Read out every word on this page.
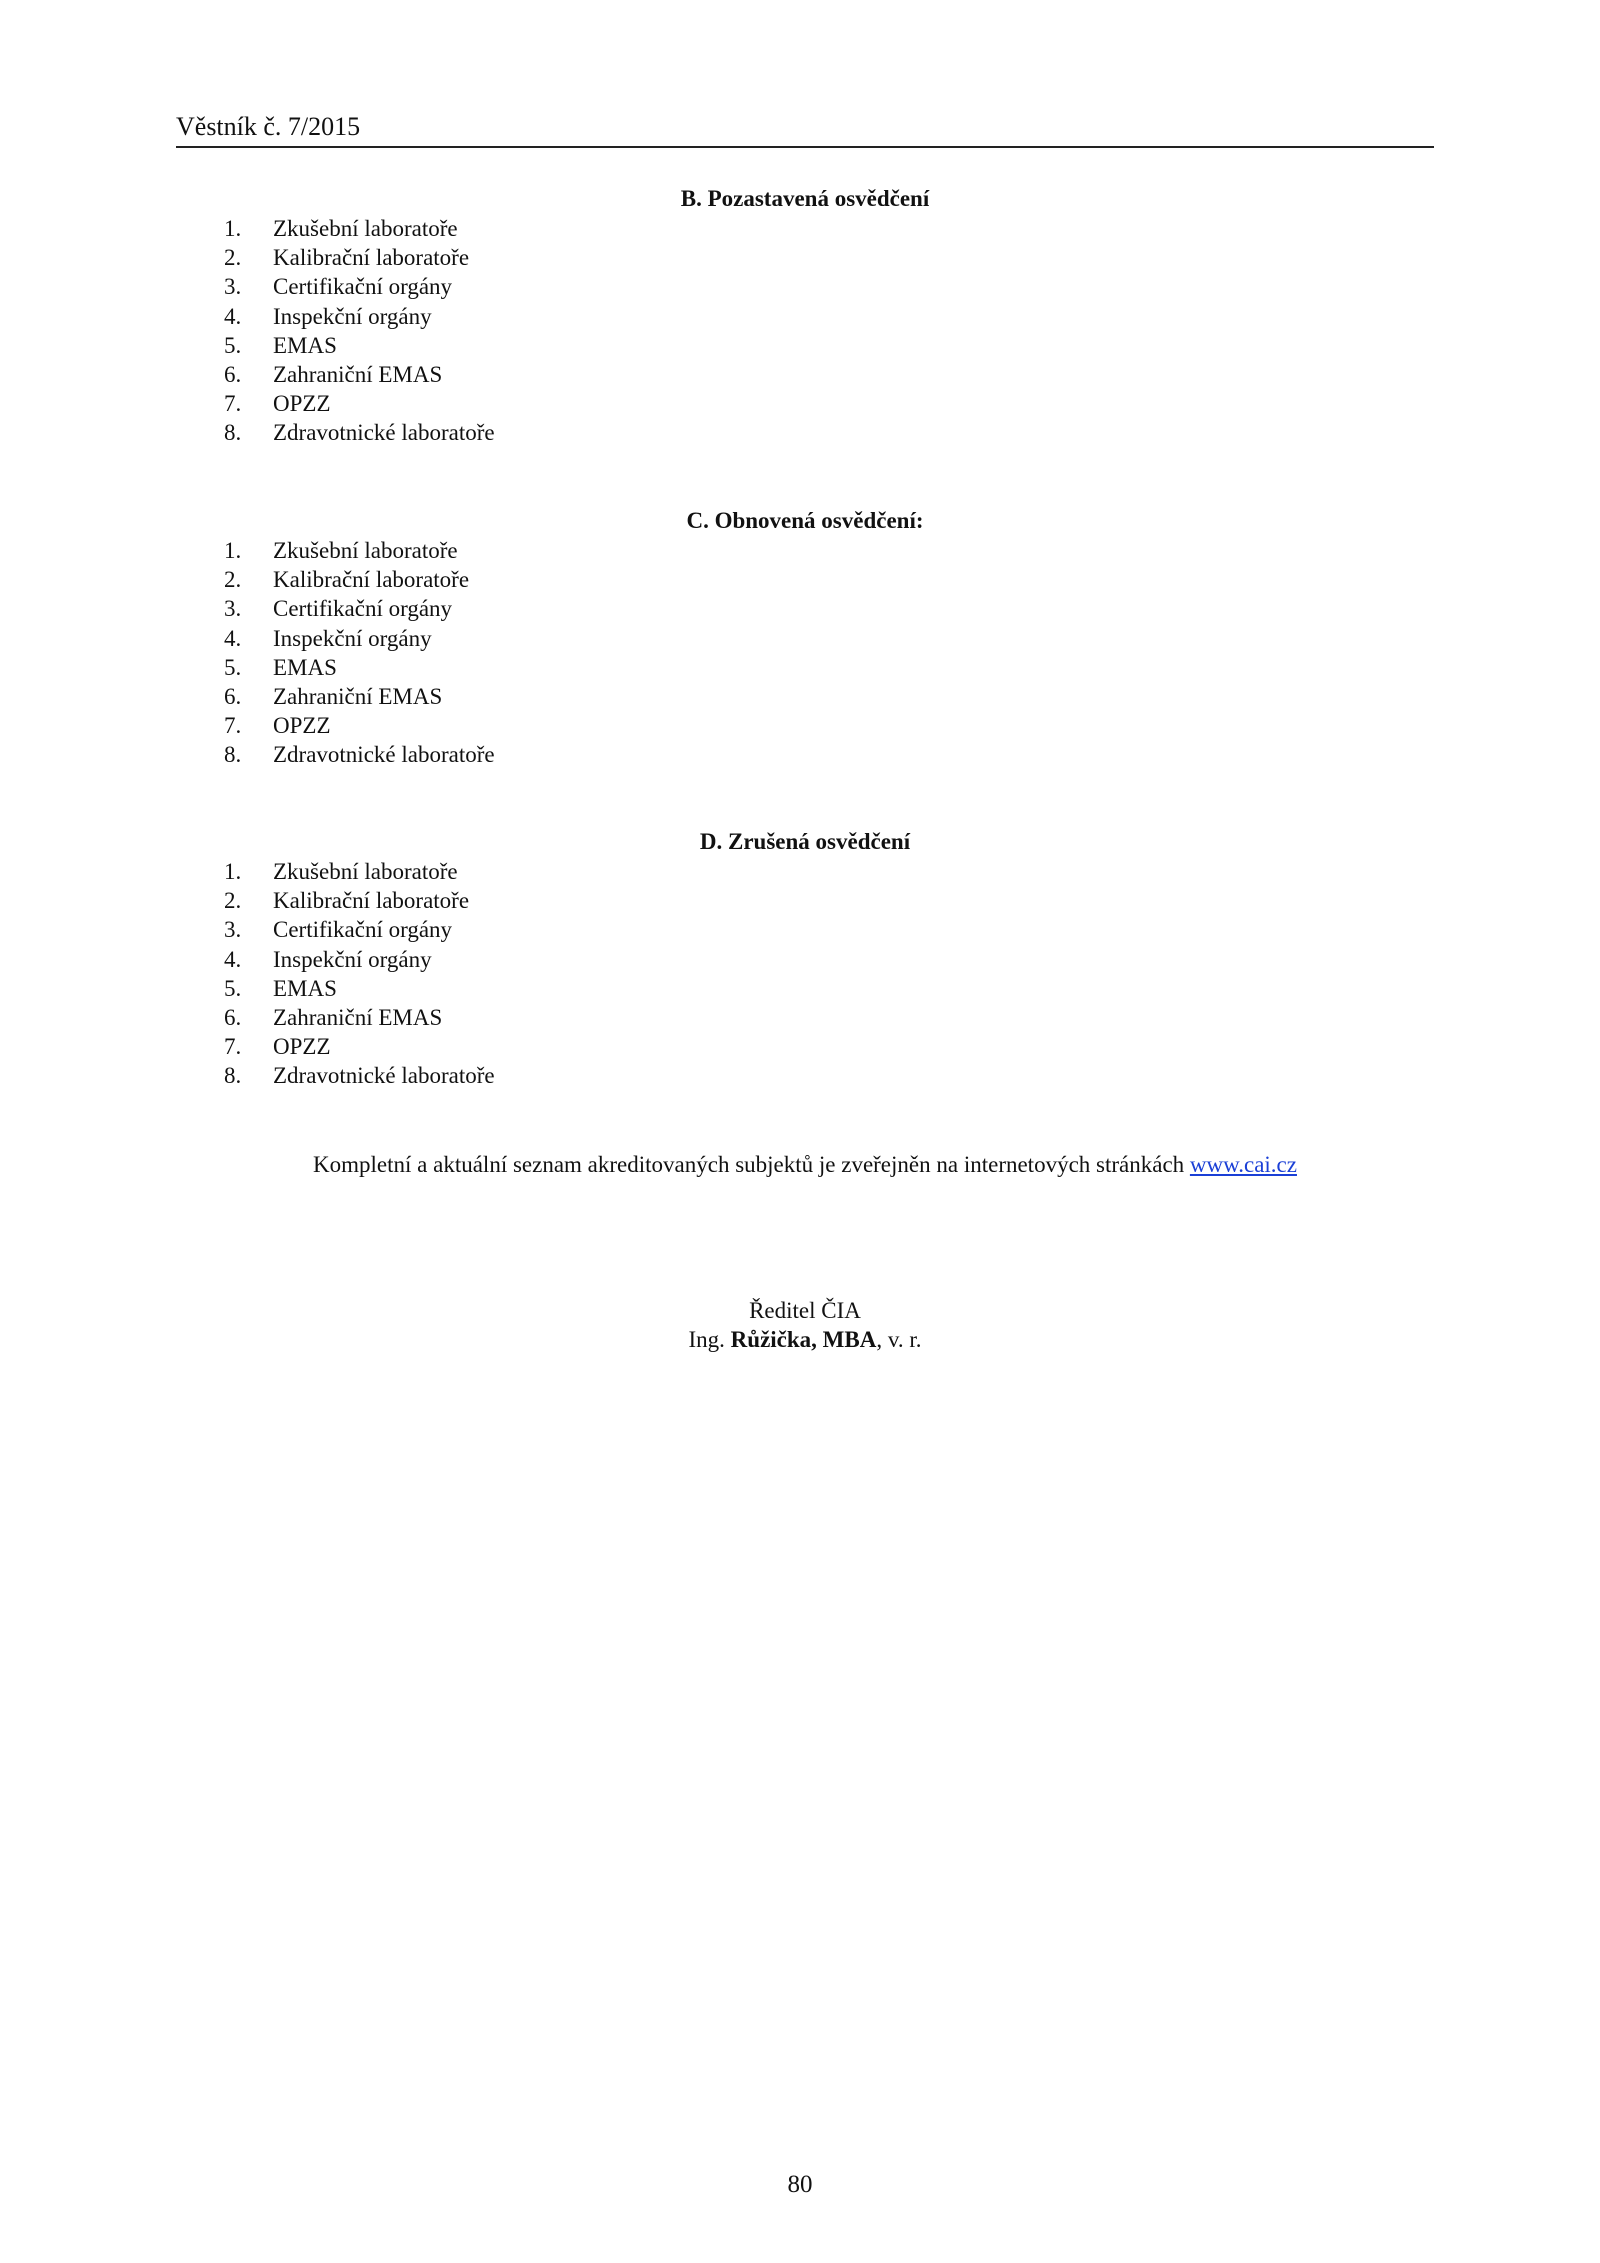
Věstník č. 7/2015
B. Pozastavená osvědčení
1. Zkušební laboratoře
2. Kalibrační laboratoře
3. Certifikační orgány
4. Inspekční orgány
5. EMAS
6. Zahraniční EMAS
7. OPZZ
8. Zdravotnické laboratoře
C. Obnovená osvědčení:
1. Zkušební laboratoře
2. Kalibrační laboratoře
3. Certifikační orgány
4. Inspekční orgány
5. EMAS
6. Zahraniční EMAS
7. OPZZ
8. Zdravotnické laboratoře
D. Zrušená osvědčení
1. Zkušební laboratoře
2. Kalibrační laboratoře
3. Certifikační orgány
4. Inspekční orgány
5. EMAS
6. Zahraniční EMAS
7. OPZZ
8. Zdravotnické laboratoře
Kompletní a aktuální seznam akreditovaných subjektů je zveřejněn na internetových stránkách www.cai.cz
Ředitel ČIA
Ing. Růžička, MBA, v. r.
80
